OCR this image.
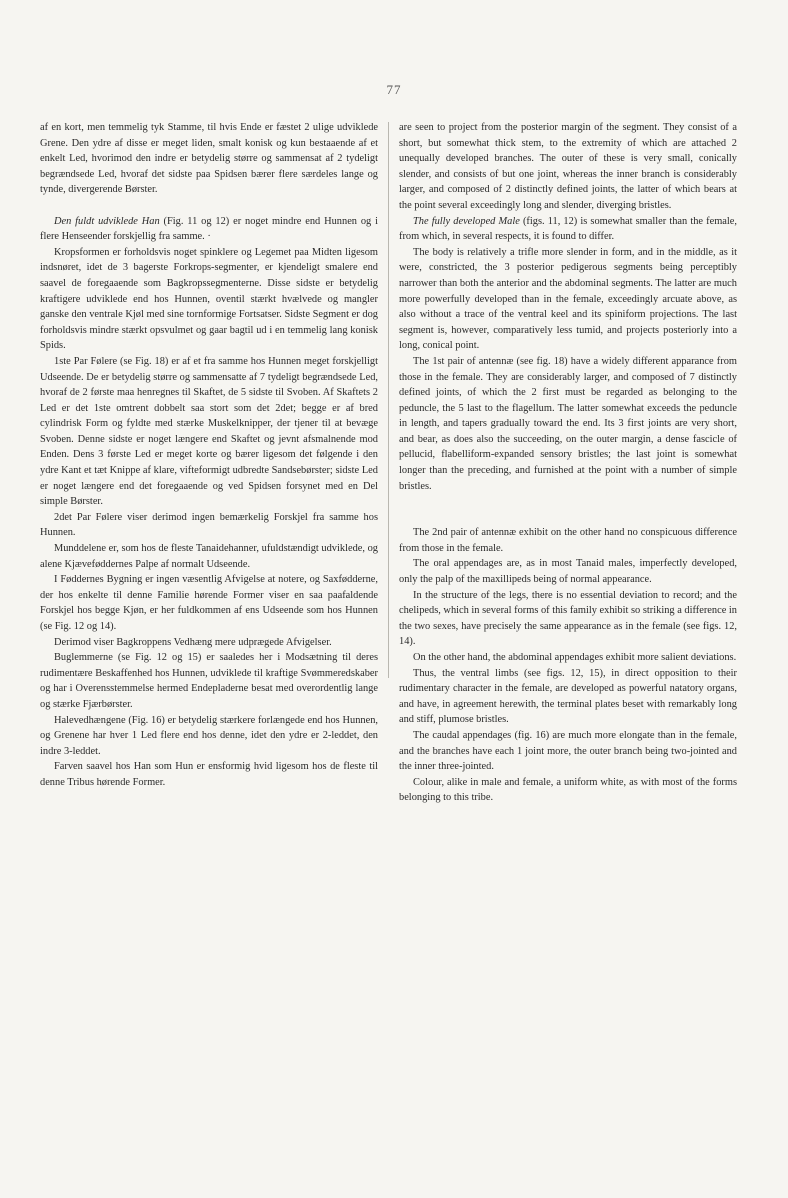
77

af en kort, men temmelig tyk Stamme, til hvis Ende er fæstet 2 ulige udviklede Grene. Den ydre af disse er meget liden, smalt konisk og kun bestaaende af et enkelt Led, hvorimod den indre er betydelig større og sammensat af 2 tydeligt begrændsede Led, hvoraf det sidste paa Spidsen bærer flere særdeles lange og tynde, divergerende Børster.

Den fuldt udviklede Han (Fig. 11 og 12) er noget mindre end Hunnen og i flere Henseender forskjellig fra samme. ·

Kropsformen er forholdsvis noget spinklere og Legemet paa Midten ligesom indsnøret, idet de 3 bagerste Forkrops-segmenter, er kjendeligt smalere end saavel de foregaaende som Bagkropssegmenterne. Disse sidste er betydelig kraftigere udviklede end hos Hunnen, oventil stærkt hvælvede og mangler ganske den ventrale Kjøl med sine tornformige Fortsatser. Sidste Segment er dog forholdsvis mindre stærkt opsvulmet og gaar bagtil ud i en temmelig lang konisk Spids.

1ste Par Følere (se Fig. 18) er af et fra samme hos Hunnen meget forskjelligt Udseende. De er betydelig større og sammensatte af 7 tydeligt begrændsede Led, hvoraf de 2 første maa henregnes til Skaftet, de 5 sidste til Svoben. Af Skaftets 2 Led er det 1ste omtrent dobbelt saa stort som det 2det; begge er af bred cylindrisk Form og fyldte med stærke Muskelknipper, der tjener til at bevæge Svoben. Denne sidste er noget længere end Skaftet og jevnt afsmalnende mod Enden. Dens 3 første Led er meget korte og bærer ligesom det følgende i den ydre Kant et tæt Knippe af klare, vifteformigt udbredte Sandsebørster; sidste Led er noget længere end det foregaaende og ved Spidsen forsynet med en Del simple Børster.

2det Par Følere viser derimod ingen bemærkelig Forskjel fra samme hos Hunnen.

Munddelene er, som hos de fleste Tanaidehanner, ufuldstændigt udviklede, og alene Kjæveføddernes Palpe af normalt Udseende.

I Føddernes Bygning er ingen væsentlig Afvigelse at notere, og Saxfødderne, der hos enkelte til denne Familie hørende Former viser en saa paafaldende Forskjel hos begge Kjøn, er her fuldkommen af ens Udseende som hos Hunnen (se Fig. 12 og 14).

Derimod viser Bagkroppens Vedhæng mere udprægede Afvigelser.

Buglemmerne (se Fig. 12 og 15) er saaledes her i Modsætning til deres rudimentære Beskaffenhed hos Hunnen, udviklede til kraftige Svømmeredskaber og har i Overensstemmelse hermed Endepladerne besat med overordentlig lange og stærke Fjærbørster.

Halevedhængene (Fig. 16) er betydelig stærkere forlængede end hos Hunnen, og Grenene har hver 1 Led flere end hos denne, idet den ydre er 2-leddet, den indre 3-leddet.

Farven saavel hos Han som Hun er ensformig hvid ligesom hos de fleste til denne Tribus hørende Former.

are seen to project from the posterior margin of the segment. They consist of a short, but somewhat thick stem, to the extremity of which are attached 2 unequally developed branches. The outer of these is very small, conically slender, and consists of but one joint, whereas the inner branch is considerably larger, and composed of 2 distinctly defined joints, the latter of which bears at the point several exceedingly long and slender, diverging bristles.

The fully developed Male (figs. 11, 12) is somewhat smaller than the female, from which, in several respects, it is found to differ.

The body is relatively a trifle more slender in form, and in the middle, as it were, constricted, the 3 posterior pedigerous segments being perceptibly narrower than both the anterior and the abdominal segments. The latter are much more powerfully developed than in the female, exceedingly arcuate above, as also without a trace of the ventral keel and its spiniform projections. The last segment is, however, comparatively less tumid, and projects posteriorly into a long, conical point.

The 1st pair of antennæ (see fig. 18) have a widely different apparance from those in the female. They are considerably larger, and composed of 7 distinctly defined joints, of which the 2 first must be regarded as belonging to the peduncle, the 5 last to the flagellum. The latter somewhat exceeds the peduncle in length, and tapers gradually toward the end. Its 3 first joints are very short, and bear, as does also the succeeding, on the outer margin, a dense fascicle of pellucid, flabelliform-expanded sensory bristles; the last joint is somewhat longer than the preceding, and furnished at the point with a number of simple bristles.

The 2nd pair of antennæ exhibit on the other hand no conspicuous difference from those in the female.

The oral appendages are, as in most Tanaid males, imperfectly developed, only the palp of the maxillipeds being of normal appearance.

In the structure of the legs, there is no essential deviation to record; and the chelipeds, which in several forms of this family exhibit so striking a difference in the two sexes, have precisely the same appearance as in the female (see figs. 12, 14).

On the other hand, the abdominal appendages exhibit more salient deviations.

Thus, the ventral limbs (see figs. 12, 15), in direct opposition to their rudimentary character in the female, are developed as powerful natatory organs, and have, in agreement herewith, the terminal plates beset with remarkably long and stiff, plumose bristles.

The caudal appendages (fig. 16) are much more elongate than in the female, and the branches have each 1 joint more, the outer branch being two-jointed and the inner three-jointed.

Colour, alike in male and female, a uniform white, as with most of the forms belonging to this tribe.
